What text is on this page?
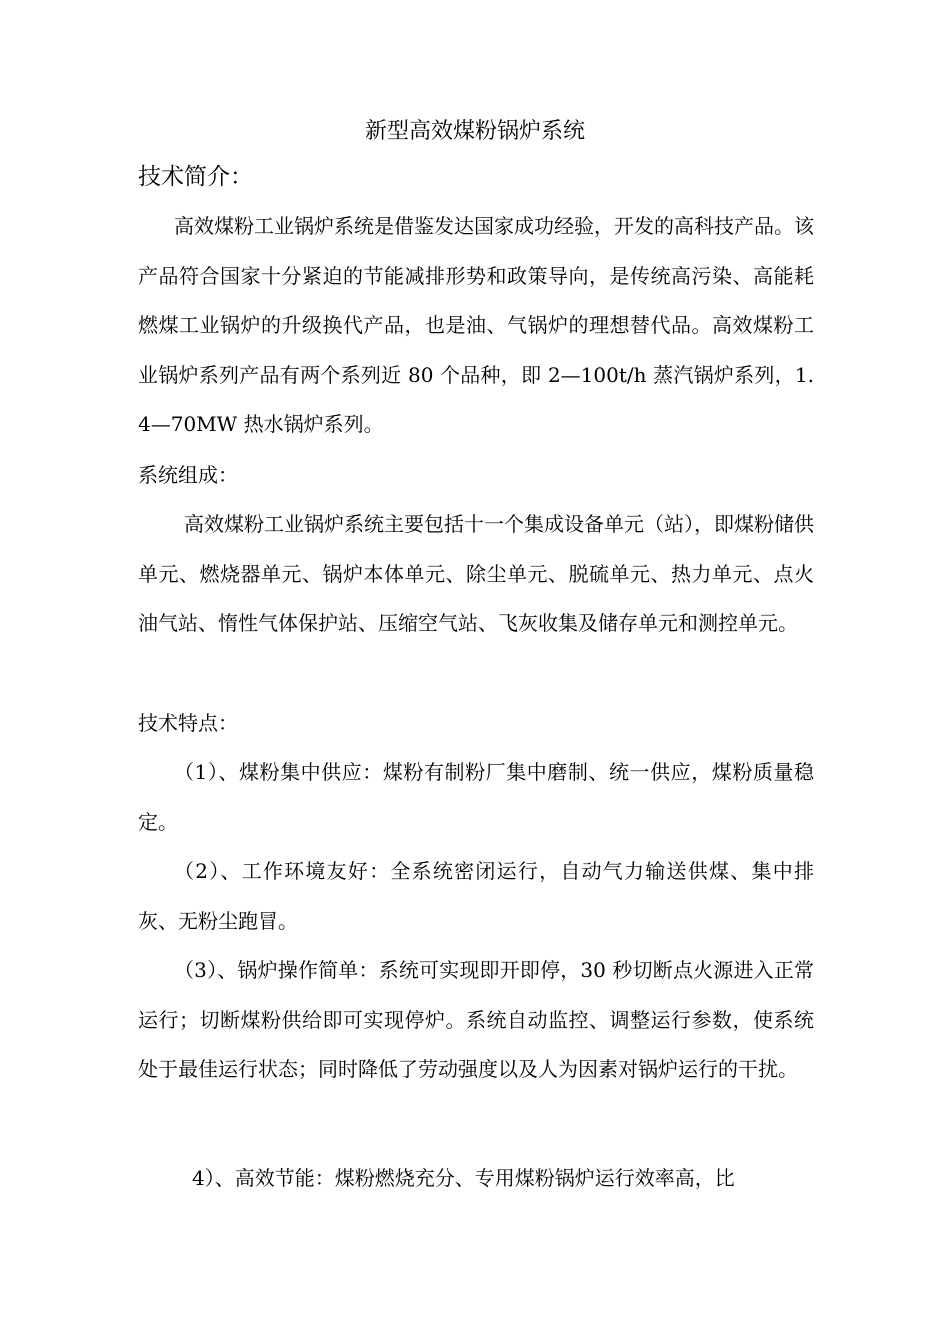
新型高效煤粉锅炉系统
技术简介：

高效煤粉工业锅炉系统是借鉴发达国家成功经验，开发的高科技产品。该产品符合国家十分紧迫的节能减排形势和政策导向，是传统高污染、高能耗燃煤工业锅炉的升级换代产品，也是油、气锅炉的理想替代品。高效煤粉工业锅炉系列产品有两个系列近 80 个品种，即 2—100t/h 蒸汽锅炉系列，1.4—70MW 热水锅炉系列。

系统组成：

高效煤粉工业锅炉系统主要包括十一个集成设备单元（站），即煤粉储供单元、燃烧器单元、锅炉本体单元、除尘单元、脱硫单元、热力单元、点火油气站、惰性气体保护站、压缩空气站、飞灰收集及储存单元和测控单元。

技术特点：

（1）、煤粉集中供应：煤粉有制粉厂集中磨制、统一供应，煤粉质量稳定。

（2）、工作环境友好：全系统密闭运行，自动气力输送供煤、集中排灰、无粉尘跑冒。

（3）、锅炉操作简单：系统可实现即开即停，30 秒切断点火源进入正常运行；切断煤粉供给即可实现停炉。系统自动监控、调整运行参数，使系统处于最佳运行状态；同时降低了劳动强度以及人为因素对锅炉运行的干扰。

4）、高效节能：煤粉燃烧充分、专用煤粉锅炉运行效率高，比
